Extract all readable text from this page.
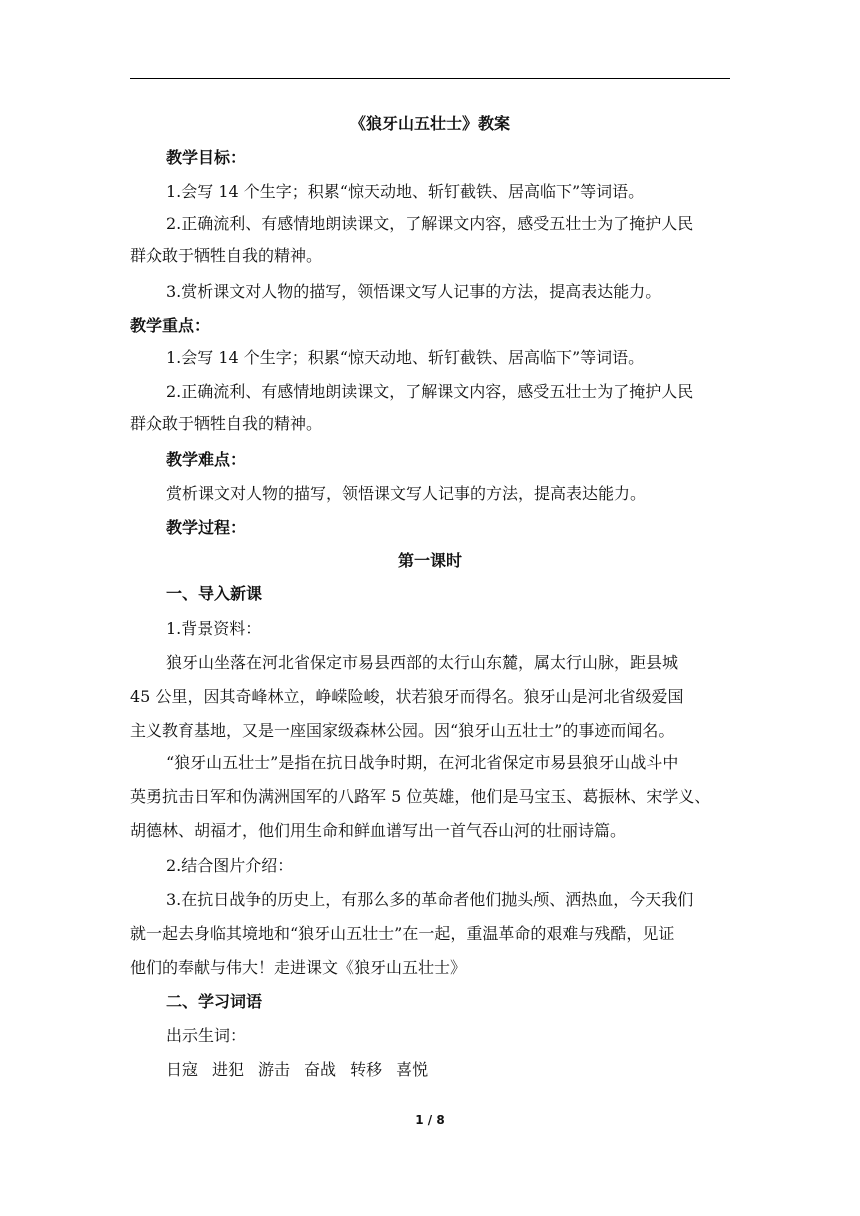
《狼牙山五壮士》教案
教学目标：
1.会写 14 个生字；积累“惊天动地、斩钉截铁、居高临下”等词语。
2.正确流利、有感情地朗读课文，了解课文内容，感受五壮士为了掩护人民
群众敢于牺牲自我的精神。
3.赏析课文对人物的描写，领悟课文写人记事的方法，提高表达能力。
教学重点：
1.会写 14 个生字；积累“惊天动地、斩钉截铁、居高临下”等词语。
2.正确流利、有感情地朗读课文，了解课文内容，感受五壮士为了掩护人民
群众敢于牺牲自我的精神。
教学难点：
赏析课文对人物的描写，领悟课文写人记事的方法，提高表达能力。
教学过程：
第一课时
一、导入新课
1.背景资料：
狼牙山坐落在河北省保定市易县西部的太行山东麓，属太行山脉，距县城
45 公里，因其奇峰林立，峥嵘险峻，状若狼牙而得名。狼牙山是河北省级爱国
主义教育基地，又是一座国家级森林公园。因“狼牙山五壮士”的事迹而闻名。
“狼牙山五壮士”是指在抗日战争时期，在河北省保定市易县狼牙山战斗中
英勇抗击日军和伪满洲国军的八路军 5 位英雄，他们是马宝玉、葛振林、宋学义、
胡德林、胡福才，他们用生命和鲜血谱写出一首气吞山河的壮丽诗篇。
2.结合图片介绍：
3.在抗日战争的历史上，有那么多的革命者他们抛头颅、洒热血，今天我们
就一起去身临其境地和“狼牙山五壮士”在一起，重温革命的艰难与残酷，见证
他们的奉献与伟大！走进课文《狼牙山五壮士》
二、学习词语
出示生词：
日寇 进犯 游击 奋战 转移 喜悦
1 / 8
